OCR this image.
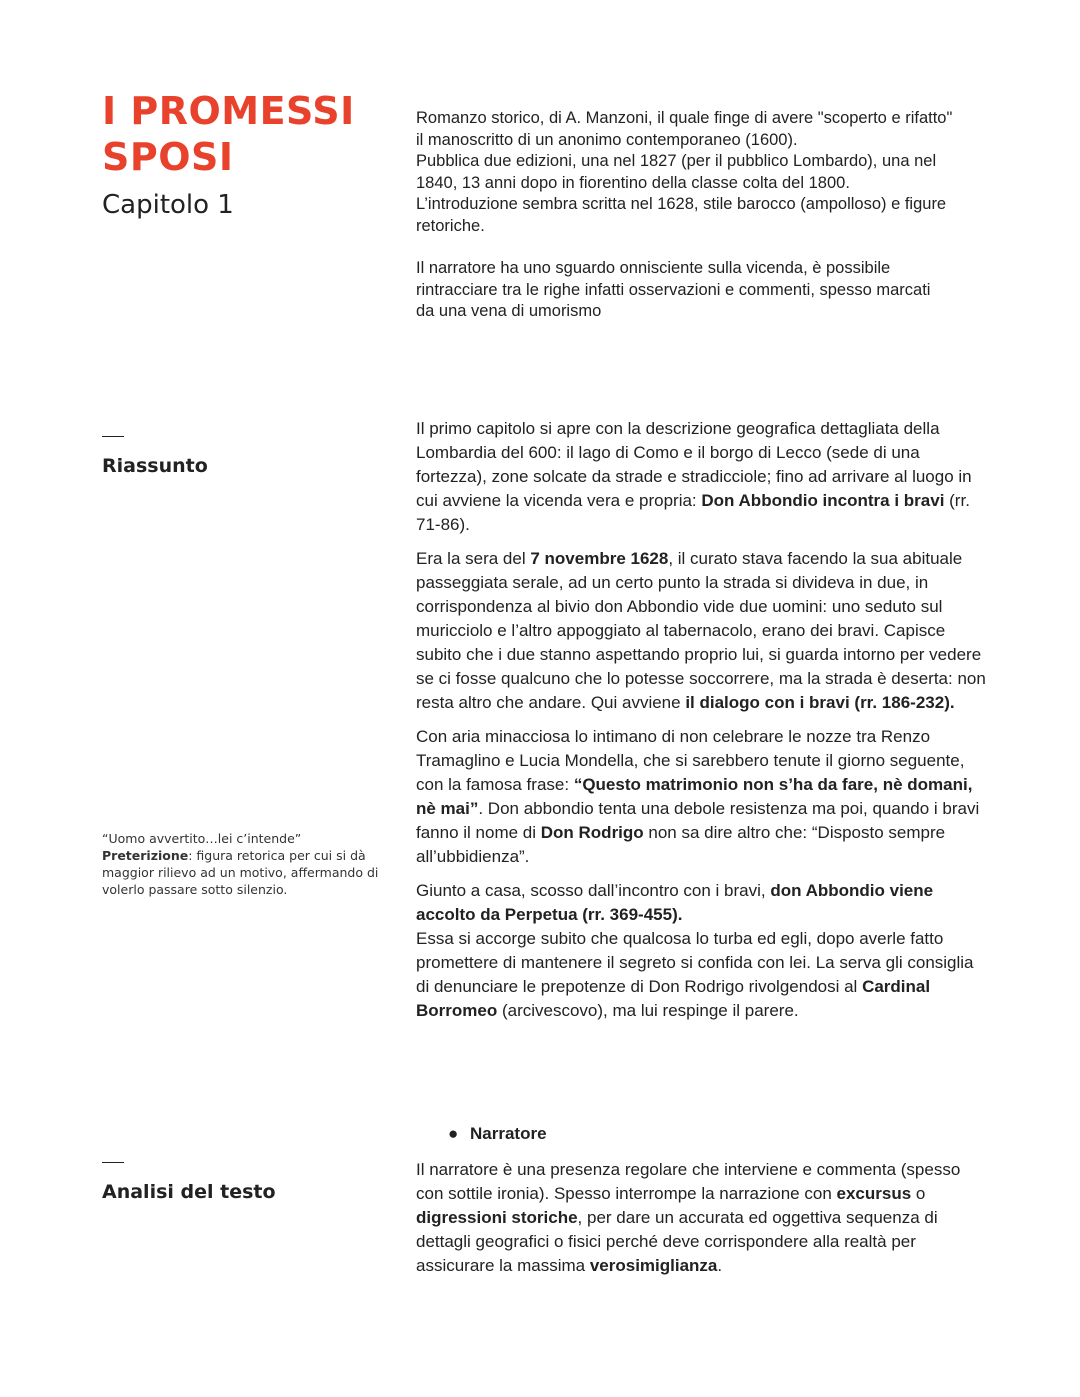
I PROMESSI SPOSI
Capitolo 1

Romanzo storico, di A. Manzoni, il quale finge di avere "scoperto e rifatto"
il manoscritto di un anonimo contemporaneo (1600).
Pubblica due edizioni, una nel 1827 (per il pubblico Lombardo), una nel
1840, 13 anni dopo in fiorentino della classe colta del 1800.
L’introduzione sembra scritta nel 1628, stile barocco (ampolloso) e figure
retoriche.

Il narratore ha uno sguardo onnisciente sulla vicenda, è possibile
rintracciare tra le righe infatti osservazioni e commenti, spesso marcati
da una vena di umorismo

Riassunto

Il primo capitolo si apre con la descrizione geografica dettagliata della Lombardia del 600: il lago di Como e il borgo di Lecco (sede di una fortezza), zone solcate da strade e stradicciole; fino ad arrivare al luogo in cui avviene la vicenda vera e propria: Don Abbondio incontra i bravi (rr. 71-86).

Era la sera del 7 novembre 1628, il curato stava facendo la sua abituale passeggiata serale, ad un certo punto la strada si divideva in due, in corrispondenza al bivio don Abbondio vide due uomini: uno seduto sul muricciolo e l’altro appoggiato al tabernacolo, erano dei bravi. Capisce subito che i due stanno aspettando proprio lui, si guarda intorno per vedere se ci fosse qualcuno che lo potesse soccorrere, ma la strada è deserta: non resta altro che andare. Qui avviene il dialogo con i bravi (rr. 186-232).

Con aria minacciosa lo intimano di non celebrare le nozze tra Renzo Tramaglino e Lucia Mondella, che si sarebbero tenute il giorno seguente, con la famosa frase: “Questo matrimonio non s’ha da fare, nè domani, nè mai”. Don abbondio tenta una debole resistenza ma poi, quando i bravi fanno il nome di Don Rodrigo non sa dire altro che: “Disposto sempre all’ubbidienza”.

Giunto a casa, scosso dall’incontro con i bravi, don Abbondio viene accolto da Perpetua (rr. 369-455).
Essa si accorge subito che qualcosa lo turba ed egli, dopo averle fatto promettere di mantenere il segreto si confida con lei. La serva gli consiglia di denunciare le prepotenze di Don Rodrigo rivolgendosi al Cardinal Borromeo (arcivescovo), ma lui respinge il parere.

“Uomo avvertito…lei c’intende”

Preterizione: figura retorica per cui si dà maggior rilievo ad un motivo, affermando di volerlo passare sotto silenzio.

● Narratore
Analisi del testo

Il narratore è una presenza regolare che interviene e commenta (spesso con sottile ironia). Spesso interrompe la narrazione con excursus o digressioni storiche, per dare un accurata ed oggettiva sequenza di dettagli geografici o fisici perché deve corrispondere alla realtà per assicurare la massima verosimiglianza.
